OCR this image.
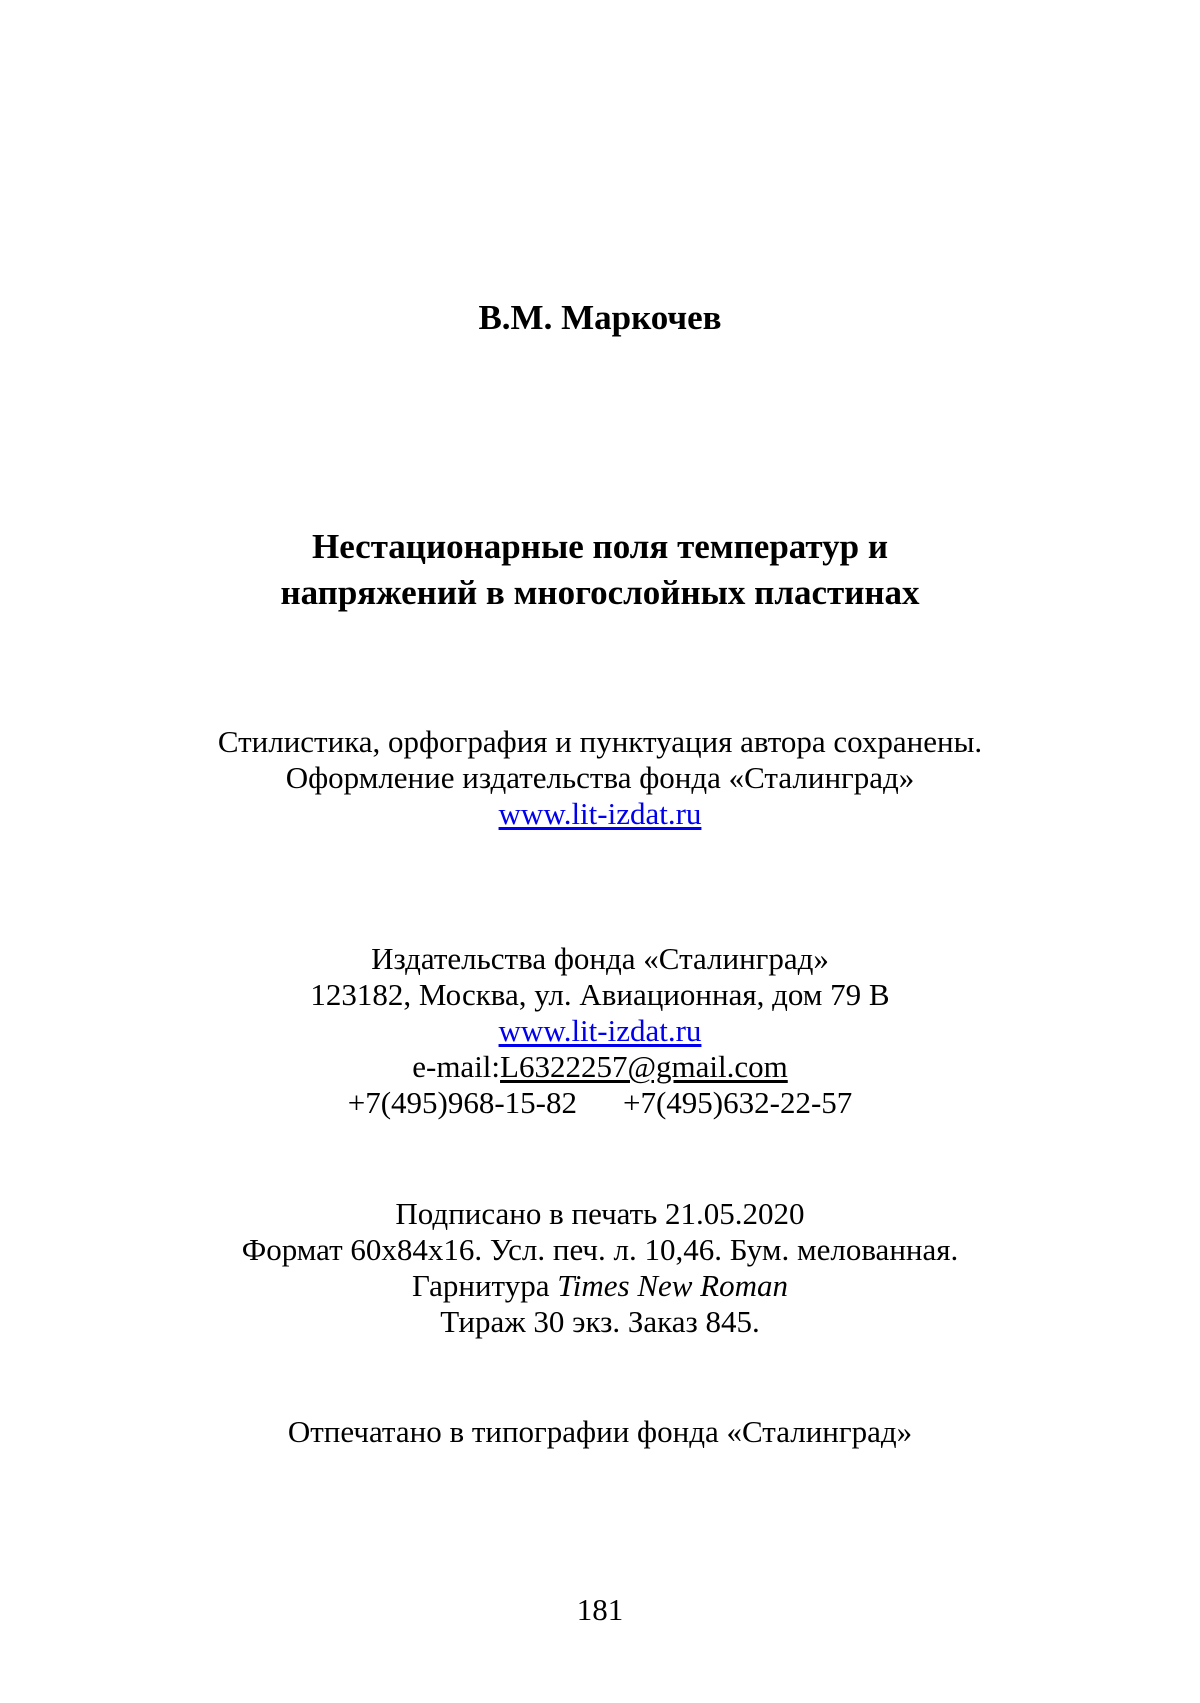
В.М. Маркочев
Нестационарные поля температур и
напряжений в многослойных пластинах
Стилистика, орфография и пунктуация автора сохранены.
Оформление издательства фонда «Сталинград»
www.lit-izdat.ru
Издательства фонда «Сталинград»
123182, Москва, ул. Авиационная, дом 79 В
www.lit-izdat.ru
e-mail:L6322257@gmail.com
+7(495)968-15-82 +7(495)632-22-57
Подписано в печать 21.05.2020
Формат 60x84x16. Усл. печ. л. 10,46. Бум. мелованная.
Гарнитура Times New Roman
Тираж 30 экз. Заказ 845.
Отпечатано в типографии фонда «Сталинград»
181
